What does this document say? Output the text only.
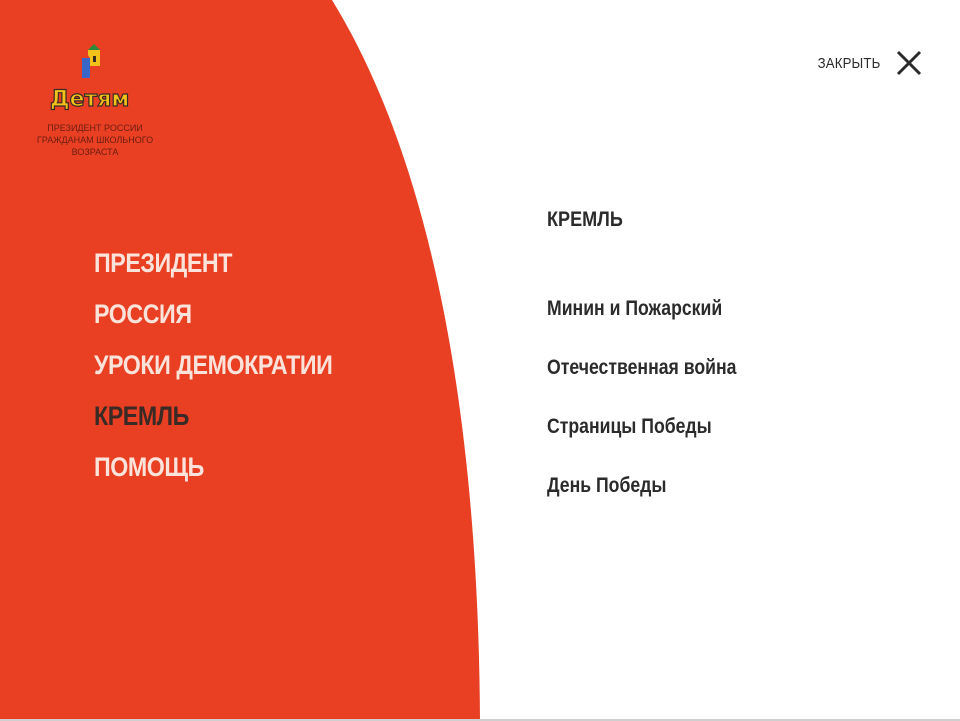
Детям
ПРЕЗИДЕНТ РОССИИ
ГРАЖДАНАМ ШКОЛЬНОГО
ВОЗРАСТА
ПРЕЗИДЕНТ
РОССИЯ
УРОКИ ДЕМОКРАТИИ
КРЕМЛЬ
ПОМОЩЬ
ЗАКРЫТЬ
КРЕМЛЬ
Минин и Пожарский
Отечественная война
Страницы Победы
День Победы
